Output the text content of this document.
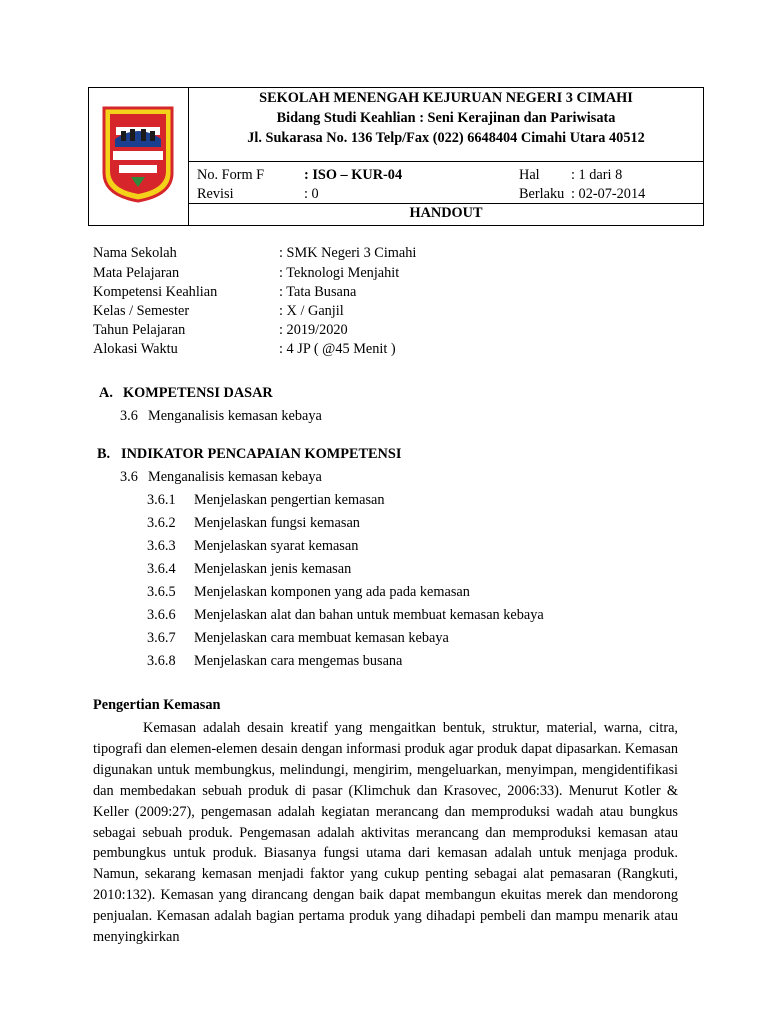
SEKOLAH MENENGAH KEJURUAN NEGERI 3 CIMAHI
Bidang Studi Keahlian : Seni Kerajinan dan Pariwisata
Jl. Sukarasa No. 136 Telp/Fax (022) 6648404 Cimahi Utara 40512
No. Form F	: ISO – KUR-04	Hal : 1 dari 8
Revisi	: 0	Berlaku : 02-07-2014
HANDOUT
Nama Sekolah	: SMK Negeri 3 Cimahi
Mata Pelajaran	: Teknologi Menjahit
Kompetensi Keahlian	: Tata Busana
Kelas / Semester	: X / Ganjil
Tahun Pelajaran	: 2019/2020
Alokasi Waktu	: 4 JP ( @45 Menit )
A. KOMPETENSI DASAR
3.6 Menganalisis kemasan kebaya
B. INDIKATOR PENCAPAIAN KOMPETENSI
3.6 Menganalisis kemasan kebaya
3.6.1 Menjelaskan pengertian kemasan
3.6.2 Menjelaskan fungsi kemasan
3.6.3 Menjelaskan syarat kemasan
3.6.4 Menjelaskan jenis kemasan
3.6.5 Menjelaskan komponen yang ada pada kemasan
3.6.6 Menjelaskan alat dan bahan untuk membuat kemasan kebaya
3.6.7 Menjelaskan cara membuat kemasan kebaya
3.6.8 Menjelaskan cara mengemas busana
Pengertian Kemasan

Kemasan adalah desain kreatif yang mengaitkan bentuk, struktur, material, warna, citra, tipografi dan elemen-elemen desain dengan informasi produk agar produk dapat dipasarkan. Kemasan digunakan untuk membungkus, melindungi, mengirim, mengeluarkan, menyimpan, mengidentifikasi dan membedakan sebuah produk di pasar (Klimchuk dan Krasovec, 2006:33). Menurut Kotler & Keller (2009:27), pengemasan adalah kegiatan merancang dan memproduksi wadah atau bungkus sebagai sebuah produk. Pengemasan adalah aktivitas merancang dan memproduksi kemasan atau pembungkus untuk produk. Biasanya fungsi utama dari kemasan adalah untuk menjaga produk. Namun, sekarang kemasan menjadi faktor yang cukup penting sebagai alat pemasaran (Rangkuti, 2010:132). Kemasan yang dirancang dengan baik dapat membangun ekuitas merek dan mendorong penjualan. Kemasan adalah bagian pertama produk yang dihadapi pembeli dan mampu menarik atau menyingkirkan
